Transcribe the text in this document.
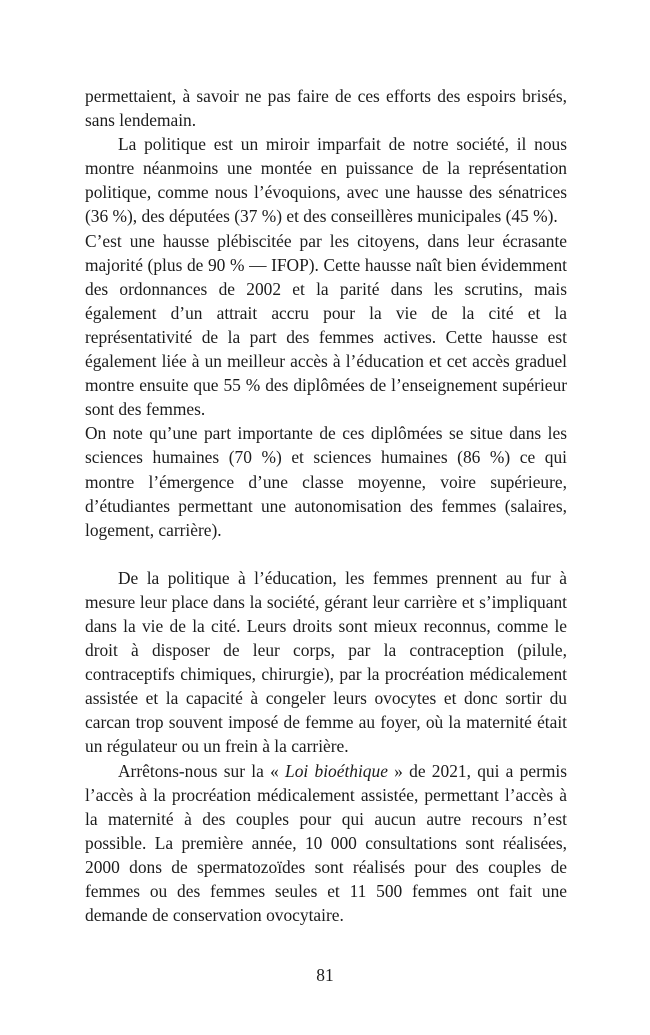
permettaient, à savoir ne pas faire de ces efforts des espoirs brisés, sans lendemain.

La politique est un miroir imparfait de notre société, il nous montre néanmoins une montée en puissance de la représentation politique, comme nous l’évoquions, avec une hausse des sénatrices (36 %), des députées (37 %) et des conseillères municipales (45 %).

C’est une hausse plébiscitée par les citoyens, dans leur écrasante majorité (plus de 90 % — IFOP). Cette hausse naît bien évidemment des ordonnances de 2002 et la parité dans les scrutins, mais également d’un attrait accru pour la vie de la cité et la représentativité de la part des femmes actives. Cette hausse est également liée à un meilleur accès à l’éducation et cet accès graduel montre ensuite que 55 % des diplômées de l’enseignement supérieur sont des femmes.

On note qu’une part importante de ces diplômées se situe dans les sciences humaines (70 %) et sciences humaines (86 %) ce qui montre l’émergence d’une classe moyenne, voire supérieure, d’étudiantes permettant une autonomisation des femmes (salaires, logement, carrière).

De la politique à l’éducation, les femmes prennent au fur à mesure leur place dans la société, gérant leur carrière et s’impliquant dans la vie de la cité. Leurs droits sont mieux reconnus, comme le droit à disposer de leur corps, par la contraception (pilule, contraceptifs chimiques, chirurgie), par la procréation médicalement assistée et la capacité à congeler leurs ovocytes et donc sortir du carcan trop souvent imposé de femme au foyer, où la maternité était un régulateur ou un frein à la carrière.

Arrêtons-nous sur la « Loi bioéthique » de 2021, qui a permis l’accès à la procréation médicalement assistée, permettant l’accès à la maternité à des couples pour qui aucun autre recours n’est possible. La première année, 10 000 consultations sont réalisées, 2000 dons de spermatozoïdes sont réalisés pour des couples de femmes ou des femmes seules et 11 500 femmes ont fait une demande de conservation ovocytaire.

81
